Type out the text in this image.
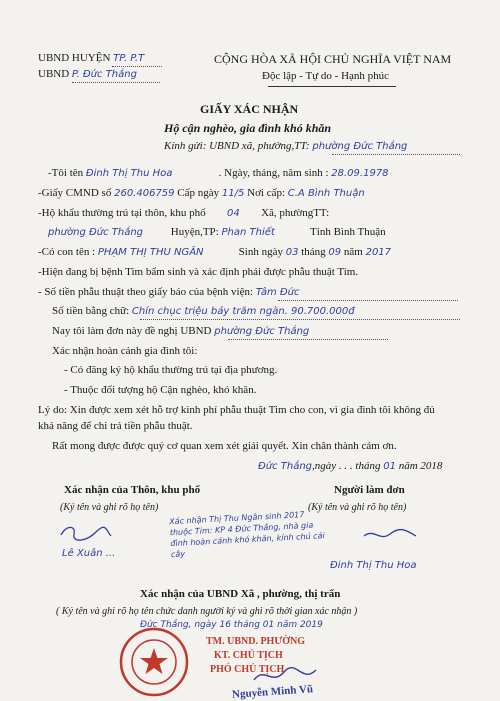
UBND HUYỆN TP. P.T
UBND P. Đức Thắng
CỘNG HÒA XÃ HỘI CHỦ NGHĨA VIỆT NAM
Độc lập - Tự do - Hạnh phúc
GIẤY XÁC NHẬN
Hộ cận nghèo, gia đình khó khăn
Kính gửi: UBND xã, phường,TT: phường Đức Thắng
-Tôi tên Đinh Thị Thu Hoa	. Ngày, tháng, năm sinh : 28.09.1978
-Giấy CMND số 260.406759 Cấp ngày 11/5 Nơi cấp: C.A Bình Thuận
-Hộ khẩu thường trú tại thôn, khu phố 04 Xã, phườngTT:
phường Đức Thắng	Huyện,TP: Phan Thiết	Tỉnh Bình Thuận
-Có con tên : PHẠM THỊ THU NGÂN	Sinh ngày 03 tháng 09 năm 2017
-Hiện đang bị bệnh Tim bẩm sinh và xác định phải được phẫu thuật Tim.
- Số tiền phẫu thuật theo giấy báo của bệnh viện: Tâm Đức
Số tiền bằng chữ: Chín chục triệu bảy trăm ngàn. 90.700.000đ
Nay tôi làm đơn này đề nghị UBND phường Đức Thắng
Xác nhận hoàn cảnh gia đình tôi:
- Có đăng ký hộ khẩu thường trú tại địa phương.
- Thuộc đối tượng hộ Cận nghèo, khó khăn.
Lý do: Xin được xem xét hỗ trợ kinh phí phẫu thuật Tim cho con, vì gia đình tôi không đủ
khả năng để chi trả tiền phẫu thuật.
Rất mong được được quý cơ quan xem xét giải quyết. Xin chân thành cám ơn.
Đức Thắng,ngày . . . tháng 01 năm 2018
Xác nhận của Thôn, khu phố
(Ký tên và ghi rõ họ tên)
Người làm đơn
(Ký tên và ghi rõ họ tên)
Xác nhận Thị Thu Ngân sinh 2017 thuộc Tim: KP 4 Đức Thắng, nhà gia đình hoàn cảnh khó khăn, kính chủ cái cây
Lê Xuân ...
Đinh Thị Thu Hoa
Xác nhận của UBND Xã , phường, thị trấn
( Ký tên và ghi rõ họ tên chức danh người ký và ghi rõ thời gian xác nhận )
Đức Thắng, ngày 16 tháng 01 năm 2019
TM. UBND. PHƯỜNG
KT. CHỦ TỊCH
PHÓ CHỦ TỊCH
Nguyễn Minh Vũ
